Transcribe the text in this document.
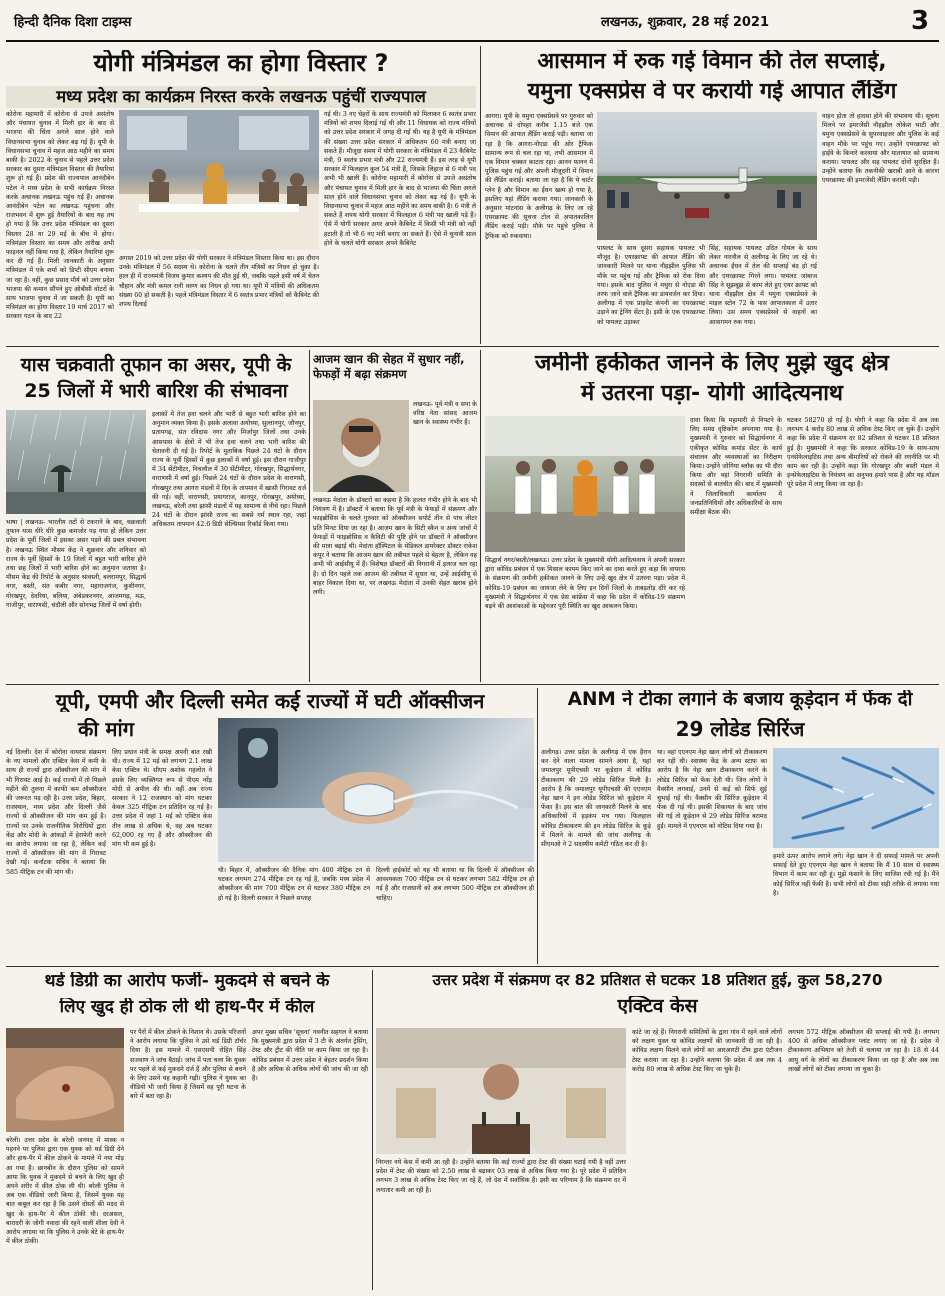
हिन्दी दैनिक दिशा टाइम्स	लखनऊ, शुक्रवार, 28 मई 2021	3
योगी मंत्रिमंडल का होगा विस्तार ?
मध्य प्रदेश का कार्यक्रम निरस्त करके लखनऊ पहुंचीं राज्यपाल
कोरोना महामारी में कोरोना से उपजे असंतोष और पंचायत चुनाव में मिली हार के बाद से भाजपा की चिंता अगले साल होने वाले विधानसभा चुनाव को लेकर बढ़ गई है। यूपी के विधानसभा चुनाव में महज आठ महीने का समय बाकी है। 2022 के चुनाव से पहले उत्तर प्रदेश सरकार का दूसरा मंत्रिमंडल विस्तार की तैयारियां शुरू हो गई हैं। प्रदेश की राज्यपाल आनंदीबेन पटेल ने मध्य प्रदेश के सभी कार्यक्रम निरस्त करके अचानक लखनऊ पहुंच गई हैं। अचानक आनंदीबेन पटेल का लखनऊ पहुंचना और राजभवन में शुरू हुई तैयारियों के बाद यह तय हो गया है कि उत्तर प्रदेश मंत्रिमंडल का दूसरा विस्तार 28 या 29 मई के बीच में होगा। मंत्रिमंडल विस्तार का समय और तारीख अभी फाइनल नहीं किया गया है, लेकिन तैयारियां शुरू कर दी गई हैं। मिली जानकारी के अनुसार मंत्रिमंडल में एके शर्मा को डिप्टी सीएम बनाया जा रहा है। वहीं, कुछ प्रसाद मौर्य को उत्तर प्रदेश भाजपा की कमान सौंपने हुए ओबीसी वोटरों के साथ भाजपा चुनाव में जा सकती है। यूपी का मंत्रिमंडल का होगा विस्तार 19 मार्च 2017 को सरकार गठन के बाद 22
अगस्त 2019 को उत्तर प्रदेश की योगी सरकार ने मंत्रिमंडल विस्तार किया था। इस दौरान उनके मंत्रिमंडल में 56 सदस्य थे। कोरोना के चलते तीन मंत्रियों का निधन हो चुका है। हाल ही में राज्यमंत्री विजय कुमार कश्यप की मौत हुई थी, जबकि पहले इसी वर्ष में चेतन चौहान और मंत्री कमल रानी वरुण का निधन हो गया था। यूपी में मंत्रियों की अधिकतम संख्या 60 हो सकती है। पहले मंत्रिमंडल विस्तार में 6 स्वतंत्र प्रभार मंत्रियों को कैबिनेट की शपथ दिलाई
गई थी। 3 नए चेहरों के साथ राज्यमंत्री को मिलाकर 6 स्वतंत्र प्रभार मंत्रियों को शपथ दिलाई गई थी और 11 विधायक को राज्य मंत्रियों को उत्तर प्रदेश सरकार में जगह दी गई थी। यह है यूपी के मंत्रिमंडल की संख्या उत्तर प्रदेश सरकार में अधिकतम 60 मंत्री बनाए जा सकते हैं। मौजूदा समय में योगी सरकार के मंत्रिमंडल में 23 कैबिनेट मंत्री, 9 स्वतंत्र प्रभार मंत्री और 22 राज्यमंत्री हैं। इस तरह से यूपी सरकार में फिलहाल कुल 54 मंत्री हैं, जिसके लिहाज से 6 मंत्री पद अभी भी खाली हैं। कोरोना महामारी में कोरोना से उपजे असंतोष और पंचायत चुनाव में मिली हार के बाद से भाजपा की चिंता अगले साल होने वाले विधानसभा चुनाव को लेकर बढ़ गई है। यूपी के विधानसभा चुनाव में महज आठ महीने का समय बाकी है। 6 मंत्री ले सकते हैं शपथ योगी सरकार में फिलहाल 6 मंत्री पद खाली पड़े हैं। ऐसे में योगी सरकार अगर अपने कैबिनेट में किसी भी मंत्री को नहीं हटाती है तो भी 6 नए मंत्री बनाए जा सकते हैं। ऐसे में चुनावी साल होने के चलते योगी सरकार अपने कैबिनेट
आसमान में रुक गई विमान की तेल सप्लाई,
यमुना एक्सप्रेस वे पर करायी गई आपात लैंडिंग
आगरा। यूपी के यमुना एक्सप्रेसवे पर गुरुवार को अचानक से दोपहर करीब 1.15 बजे एक विमान की आपात लैंडिंग कराई पड़ी। बताया जा रहा है कि आगरा-नोएडा की ओर ट्रैफिक सामान्य रूप से चल रहा था, तभी आसमान में एक विमान चक्कर काटता रहा। आनन फानन में पुलिस पहुंच गई और अपनी मौजूदगी में विमान की लैंडिंग कराई। बताया जा रहा है कि ये चार्टर प्लेन है और विमान का ईंधन खत्म हो गया है, इसलिए यहां लैंडिंग कराया गया। जानकारी के अनुसार मांटनांस के अलीगढ़ के लिए जा रहे एयरक्राफ्ट की सूचना टोल से अपातकालिन लैंडिंग कराई पड़ी। मौके पर पहुंचे पुलिस ने ट्रैफिक को रुकवाया।
पायलट के साथ दूसरा सहायक पायलट भी मौजूद है। एयरक्राफ्ट की आपात लैंडिंग की जानकारी मिलने पर थाना नौहझील पुलिस भी मौके पर पहुंच गई और ट्रैफिक को रोक दिया गया। इसके बाद पुलिस ने मथुरा से नोएडा की तरफ जाने वाले ट्रैफिक का डायवर्जन कर दिया। अलीगढ़ में एक प्राइवेट कंपनी का एयरक्राफ्ट उड़ाने का ट्रेनिंग सेंटर है। इसी के एक एयरक्राफ्ट को पायलट उड़ाकर
सिंह, सहायक पायलट उदित गोयल के साथ लेकर नारनौल से अलीगढ़ के लिए जा रहे थे। अचानक ईंधन में तेल की सप्लाई बंद हो गई और एयरक्राफ्ट गिरने लगा। पायलट जांबाज सिंह ने सूझबूझ से काम लेते हुए एयर क्राफ्ट को थाना नौहझील क्षेत्र में यमुना एक्सप्रेसवे के माइल स्टोन 72 के पास आपातकाल में उतार लिया। उस समय एक्सप्रेसवे से वाहनों का आवागमन रुक गया।
वाहन होता तो हादसा होने की संभावना थी। सूचना मिलने पर इमरजेंसी नौहझील लोकेश भाटी और यमुना एक्सप्रेसवे के सुपरवाइजर और पुलिस के कई वाहन मौके पर पहुंच गए। उन्होंने एयरक्राफ्ट को हाईवे के किनारे करवाया और यातायात को सामान्य कराया। पायलट और सह पायलट दोनों सुरक्षित हैं। उन्होंने बताया कि तकनीकी खराबी आने के कारण एयरक्राफ्ट की इमरजेंसी लैंडिंग करानी पड़ी।
यास चक्रवाती तूफान का असर, यूपी के 25 जिलों में भारी बारिश की संभावना
भाषा | लखनऊ- भारतीय तटों से टकराने के बाद, चक्रवाती तूफान यास धीरे धीरे कुछ कमजोर पड़ गया हो लेकिन उत्तर प्रदेश के पूर्वी जिलों में इसका असर पड़ने की प्रबल संभावना है। लखनऊ स्थित मौसम केंद्र ने शुक्रवार और शनिवार को राज्य के पूर्वी हिस्सों के 19 जिलों में बहुत भारी बारिश होने तथा छह जिलों में भारी बारिश होने का अनुमान जताया है। मौसम केंद्र की रिपोर्ट के अनुसार श्रावस्ती, बलरामपुर, सिद्धार्थ नगर, बस्ती, संत कबीर नगर, महाराजगंज, कुशीनगर, गोरखपुर, देवरिया, बलिया, अंबेडकरनगर, आजमगढ़, मऊ, गाजीपुर, वाराणसी, चंदौली और सोनभद्र जिलों में वर्षा होगी।
इलाकों में तेज हवा चलने और भारी से बहुत भारी बारिश होने का अनुमान व्यक्त किया है। इसके अलावा अयोध्या, सुल्तानपुर, जौनपुर, प्रतापगढ़, संत रविदास नगर और मिर्जापुर जिलों तथा उनके आसपास के क्षेत्रों में भी तेज हवा चलने तथा भारी बारिश की चेतावनी दी गई है। रिपोर्ट के मुताबिक पिछले 24 घंटों के दौरान राज्य के पूर्वी हिस्सों में कुछ इलाकों में वर्षा हुई। इस दौरान गाजीपुर में 34 सेंटीमीटर, निचलौल में 30 सेंटीमीटर, गोरखपुर, सिद्धार्थनगर, वाराणसी में वर्षा हुई। पिछले 24 घंटों के दौरान प्रदेश के वाराणसी, गोरखपुर तथा आगरा मंडलों में दिन के तापमान में खासी गिरावट दर्ज की गई। वहीं, वाराणसी, प्रयागराज, कानपुर, गोरखपुर, अयोध्या, लखनऊ, बरेली तथा झांसी मंडलों में यह सामान्य से नीचे रहा। पिछले 24 घंटों के दौरान झांसी राज्य का सबसे गर्म स्थान रहा, जहां अधिकतम तापमान 42.6 डिग्री सेल्सियस रिकॉर्ड किया गया।
आजम खान की सेहत में सुधार नहीं, फेफड़ों में बढ़ा संक्रमण
लखनऊ- पूर्व मंत्री व सपा के वरिष्ठ नेता सांसद आजम खान के स्वास्थ्य गंभीर है।
लखनऊ मेदांता के डॉक्टरों का कहना है कि हालत गंभीर होने के बाद भी नियंत्रण में है। डॉक्टरों ने बताया कि पूर्व मंत्री के फेफड़ों में संक्रमण और फाइब्रोसिस के चलते गुरुवार को ऑक्सीजन सपोर्ट तीन से पांच लीटर प्रति मिनट दिया जा रहा है। आजम खान के सिटी स्कैन व अन्य जांचों में फेफड़ों में फाइब्रोसिस व कैविटी की पुष्टि होने पर डॉक्टरों ने ऑक्सीजन की मात्रा बढ़ाई थी। मेदांता हॉस्पिटल के मेडिकल डायरेक्टर डॉक्टर राकेश कपूर ने बताया कि आजम खान की तबीयत पहले से बेहतर है, लेकिन वह अभी भी आईसीयू में हैं। विशेषज्ञ डॉक्टरों की निगरानी में इलाज चल रहा है। दो दिन पहले तक आजम की तबीयत में सुधार था, उन्हें आईसीयू से बाहर निकाल दिया था, पर लखनऊ मेदांता में उनकी सेहत खराब होने लगी।
जमीनी हकीकत जानने के लिए मुझे खुद क्षेत्र
में उतरना पड़ा- योगी आदित्यनाथ
सिद्धार्थ नगर/बस्ती/लखनऊ। उत्तर प्रदेश के मुख्यमंत्री योगी आदित्यनाथ ने अपनी सरकार द्वारा कोविड प्रबंधन में एक मिसाल कायम किए जाने का दावा करते हुए कहा कि वायरस के संक्रमण की जमीनी हकीकत जानने के लिए उन्हें खुद क्षेत्र में उतरना पड़ा। प्रदेश में कोविड-19 प्रबंधन का जायजा लेने के लिए इन दिनों जिलों के ताबड़तोड़ दौरे कर रहे मुख्यमंत्री ने सिद्धार्थनगर में एक प्रेस कांफ्रेंस में कहा कि प्रदेश में कोविड-19 संक्रमण बढ़ने की आशंकाओं के मद्देनजर पूरी स्थिति का खुद आकलन किया।
दावा किया कि महामारी से निपटने के लिए समग्र दृष्टिकोण अपनाया गया है। मुख्यमंत्री ने गुरुवार को सिद्धार्थनगर में एकीकृत कोविड कमांड सेंटर के कार्य संचालन और व्यवस्थाओं का निरीक्षण किया। उन्होंने जोगिया ब्लॉक का भी दौरा किया और वहां निगरानी समिति के सदस्यों से बातचीत की। बाद में मुख्यमंत्री ने जिलाधिकारी कार्यालय में जनप्रतिनिधियों और अधिकारियों के साथ समीक्षा बैठक की।
घटकर 58270 हो गई है। योगी ने कहा कि प्रदेश में अब तक लगभग 4 करोड़ 80 लाख से अधिक टेस्ट किए जा चुके हैं। उन्होंने कहा कि प्रदेश में संक्रमण दर 82 प्रतिशत से घटकर 18 प्रतिशत हुई है। मुख्यमंत्री ने कहा कि सरकार कोविड-19 के साथ-साथ एनसेफेलाइटिस तथा अन्य बीमारियों को रोकने की रणनीति पर भी काम कर रही है। उन्होंने कहा कि गोरखपुर और बस्ती मंडल में इन्सेफेलाइटिस के नियंत्रण का अनुभव हमारे पास है और यह मॉडल पूरे प्रदेश में लागू किया जा रहा है।
यूपी, एमपी और दिल्ली समेत कई राज्यों में घटी ऑक्सीजन
की मांग
नई दिल्ली। देश में कोरोना वायरस संक्रमण के नए मामलों और एक्टिव केस में कमी के साथ ही राज्यों द्वारा ऑक्सीजन की मांग में भी गिरावट आई है। कई राज्यों में तो पिछले महीने की तुलना में काफी कम ऑक्सीजन की जरूरत पड़ रही है। उत्तर प्रदेश, बिहार, राजस्थान, मध्य प्रदेश और दिल्ली जैसे राज्यों से ऑक्सीजन की मांग कम हुई है। राज्यों पर उनके राजनीतिक विरोधियों द्वारा केंद्र और मोदी के आंकड़ों में हेराफेरी करने का आरोप लगाया जा रहा है, लेकिन कई राज्यों में ऑक्सीजन की मांग में गिरावट देखी गई। कर्नाटक सचिव ने बताया कि 585 मीट्रिक टन की मांग थी।
लिए प्रधान मंत्री के समक्ष अपनी बात रखी थी। राज्य में 12 मई को लगभग 2.1 लाख केस एक्टिव थे। सीएम अशोक गहलोत ने इसके लिए व्यक्तिगत रूप से पीएम नरेंद्र मोदी से अपील की थी। वहीं अब राज्य सरकार ने 12 राजस्थान को मांग घटकर केवल 325 मीट्रिक टन प्रतिदिन रह गई है। उत्तर प्रदेश में जहां 1 मई को एक्टिव केस तीन लाख से अधिक थे, वह अब घटकर 62,000 रह गए हैं और ऑक्सीजन की मांग भी कम हुई है।
थी। बिहार में, ऑक्सीजन की दैनिक मांग 400 मीट्रिक टन से घटकर लगभग 274 मीट्रिक टन रह गई है, जबकि मध्य प्रदेश में ऑक्सीजन की मांग 700 मीट्रिक टन से घटकर 380 मीट्रिक टन हो गई है। दिल्ली सरकार ने पिछले सप्ताह
दिल्ली हाईकोर्ट को यह भी बताया था कि दिल्ली में ऑक्सीजन की आवश्यकता 700 मीट्रिक टन से घटकर लगभग 582 मीट्रिक टन हो गई है और राजधानी को अब लगभग 500 मीट्रिक टन ऑक्सीजन ही चाहिए।
ANM ने टीका लगाने के बजाय कूड़ेदान में फेंक दी
29 लोडेड सिरिंज
अलीगढ़। उत्तर प्रदेश के अलीगढ़ में एक हैरान कर देने वाला मामला सामने आया है, यहां जमालपुर यूपीएचसी पर कूड़ेदान में कोविड टीकाकरण की 29 लोडेड सिरिंज मिली है। आरोप है कि जमालपुर यूपीएचसी की एएनएम नेहा खान ने इन लोडेड सिरिंज को कूड़ेदान में फेंका है। इस बात की जानकारी मिलने के बाद अधिकारियों में हड़कंप मच गया। फिलहाल कोविड टीकाकरण की इन लोडेड सिरिंज के कूड़े में मिलने के मामले की जांच अलीगढ़ के सीएमओ ने 2 सदस्यीय कमेटी गठित कर दी है।
था। वहां एएनएम नेहा खान लोगों को टीकाकरण कर रही थी। स्वास्थ्य केंद्र के अन्य स्टाफ का आरोप है कि नेहा खान टीकाकरण करने के लोडेड सिरिंज को फेंक देती थी। जिन लोगों ने वैक्सीन लगवाई, उनमें से कई को सिर्फ सुई चुभाई गई थी। वैक्सीन की सिरिंज कूड़ेदान में फेंक दी गई थी। इसकी शिकायत के बाद जांच की गई तो कूड़ेदान से 29 लोडेड सिरिंज बरामद हुईं। मामले में एएनएम को नोटिस दिया गया है।
हमारे ऊपर आरोप लगाने लगे। नेहा खान ने दी सफाई मामले पर अपनी सफाई देते हुए एएनएम नेहा खान ने बताया कि मैं 10 साल से स्वास्थ्य विभाग में काम कर रही हूं। मुझे फंसाने के लिए साजिश रची गई है। मैंने कोई सिरिंज नहीं फेंकी है। सभी लोगों को टीका सही तरीके से लगाया गया है।
थर्ड डिग्री का आरोप फर्जी- मुकदमे से बचने के
लिए खुद ही ठोक ली थी हाथ-पैर में कील
बरेली। उत्तर प्रदेश के बरेली जनपद में मास्क न पहनने पर पुलिस द्वारा एक युवक को थर्ड डिग्री देने और हाथ-पैर में कील ठोकने के मामले में नया मोड़ आ गया है। छानबीन के दौरान पुलिस को सामने आया कि युवक ने मुकदमे से बचने के लिए खुद ही अपने शरीर में कील ठोक ली थी। बरेली पुलिस ने अब एक वीडियो जारी किया है, जिसमें युवक यह बात कबूल कर रहा है कि उसने दोस्तों की मदद से खुद के हाथ-पैर में कील ठोकी थी। दरअसल, बारादरी के जोगी नवादा की रहने वाली शीला देवी ने आरोप लगाया था कि पुलिस ने उनके बेटे के हाथ-पैर में कील ठोकी।
पर पैरों में कील ठोकने के निशान थे। उसके परिजनों ने आरोप लगाया कि पुलिस ने उसे थर्ड डिग्री टॉर्चर दिया है। इस मामले में एसएसपी रोहित सिंह सजवाण ने जांच बैठाई। जांच में पता चला कि युवक पर पहले से कई मुकदमे दर्ज हैं और पुलिस से बचने के लिए उसने यह कहानी गढ़ी। पुलिस ने युवक का वीडियो भी जारी किया है जिसमें वह पूरी घटना के बारे में बता रहा है।
अपर मुख्य सचिव 'सूचना' नवनीत सहगल ने बताया कि मुख्यमंत्री द्वारा प्रदेश में 3 टी के अंतर्गत ट्रेसिंग, टेस्ट और ट्रीट की नीति पर काम किया जा रहा है। कोविड प्रबंधन में उत्तर प्रदेश ने बेहतर प्रदर्शन किया है और अधिक से अधिक लोगों की जांच की जा रही है।
उत्तर प्रदेश में संक्रमण दर 82 प्रतिशत से घटकर 18 प्रतिशत हुई, कुल 58,270
एक्टिव केस
निरन्तर नये केस में कमी आ रही है। उन्होंने बताया कि कई राज्यों द्वारा टेस्ट की संख्या घटाई गयी है वहीं उत्तर प्रदेश में टेस्ट की संख्या को 2.50 लाख से बढ़ाकर 03 लाख से अधिक किया गया है। पूरे प्रदेश में प्रतिदिन लगभग 3 लाख से अधिक टेस्ट किए जा रहे हैं, जो देश में सर्वाधिक हैं। इसी का परिणाम है कि संक्रमण दर में लगातार कमी आ रही है।
कांटे जा रहे हैं। निगरानी समितियों के द्वारा गांव में रहने वाले लोगों को लक्षण युक्त या कोविड लक्षणों की जानकारी दी जा रही है। कोविड लक्षण मिलने वाले लोगों का आरआरटी टीम द्वारा एंटीजन टेस्ट कराया जा रहा है। उन्होंने बताया कि प्रदेश में अब तक 4 करोड़ 80 लाख से अधिक टेस्ट किए जा चुके हैं।
लगभग 572 मीट्रिक ऑक्सीजन की सप्लाई की गयी है। लगभग 400 से अधिक ऑक्सीजन प्लांट लगाए जा रहे हैं। प्रदेश में टीकाकरण अभियान को तेजी से चलाया जा रहा है। 18 से 44 आयु वर्ग के लोगों का टीकाकरण किया जा रहा है और अब तक लाखों लोगों को टीका लगाया जा चुका है।
